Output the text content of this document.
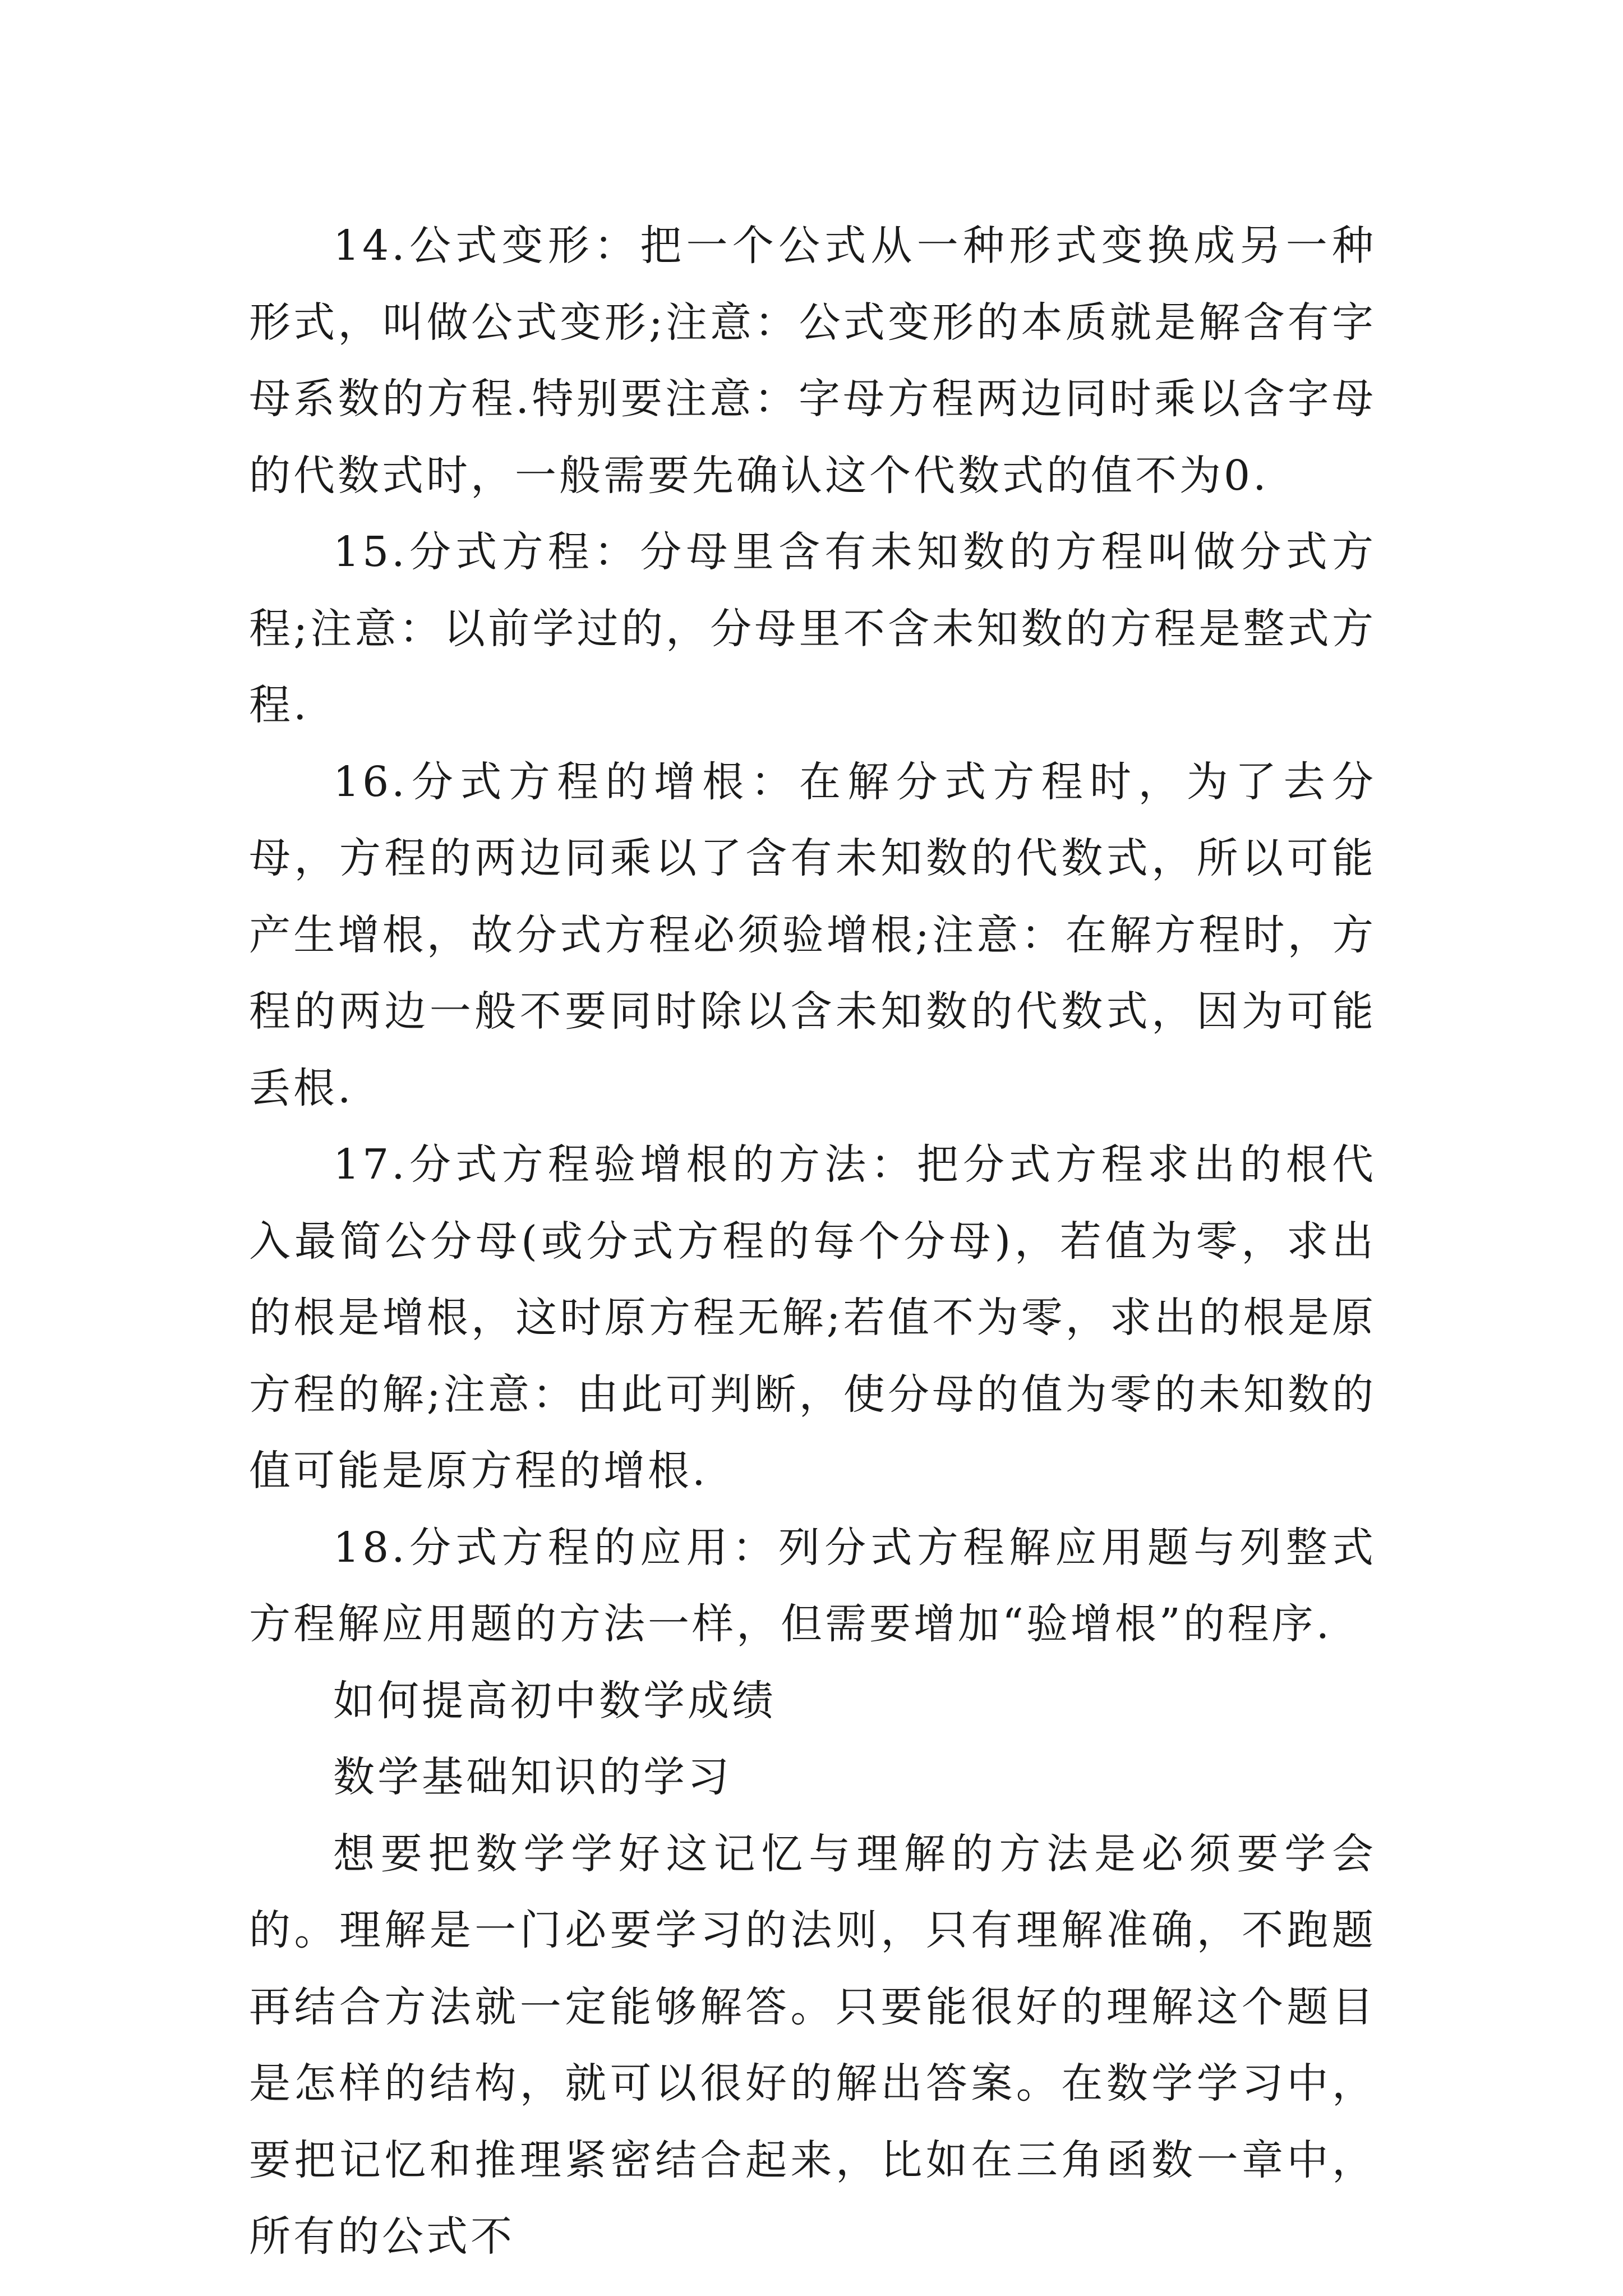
14.公式变形：把一个公式从一种形式变换成另一种形式，叫做公式变形;注意：公式变形的本质就是解含有字母系数的方程.特别要注意：字母方程两边同时乘以含字母的代数式时，一般需要先确认这个代数式的值不为0.

15.分式方程：分母里含有未知数的方程叫做分式方程;注意：以前学过的，分母里不含未知数的方程是整式方程.

16.分式方程的增根：在解分式方程时，为了去分母，方程的两边同乘以了含有未知数的代数式，所以可能产生增根，故分式方程必须验增根;注意：在解方程时，方程的两边一般不要同时除以含未知数的代数式，因为可能丢根.

17.分式方程验增根的方法：把分式方程求出的根代入最简公分母(或分式方程的每个分母)，若值为零，求出的根是增根，这时原方程无解;若值不为零，求出的根是原方程的解;注意：由此可判断，使分母的值为零的未知数的值可能是原方程的增根.

18.分式方程的应用：列分式方程解应用题与列整式方程解应用题的方法一样，但需要增加“验增根”的程序.

如何提高初中数学成绩

数学基础知识的学习

想要把数学学好这记忆与理解的方法是必须要学会的。理解是一门必要学习的法则，只有理解准确，不跑题再结合方法就一定能够解答。只要能很好的理解这个题目是怎样的结构，就可以很好的解出答案。在数学学习中，要把记忆和推理紧密结合起来，比如在三角函数一章中，所有的公式不
